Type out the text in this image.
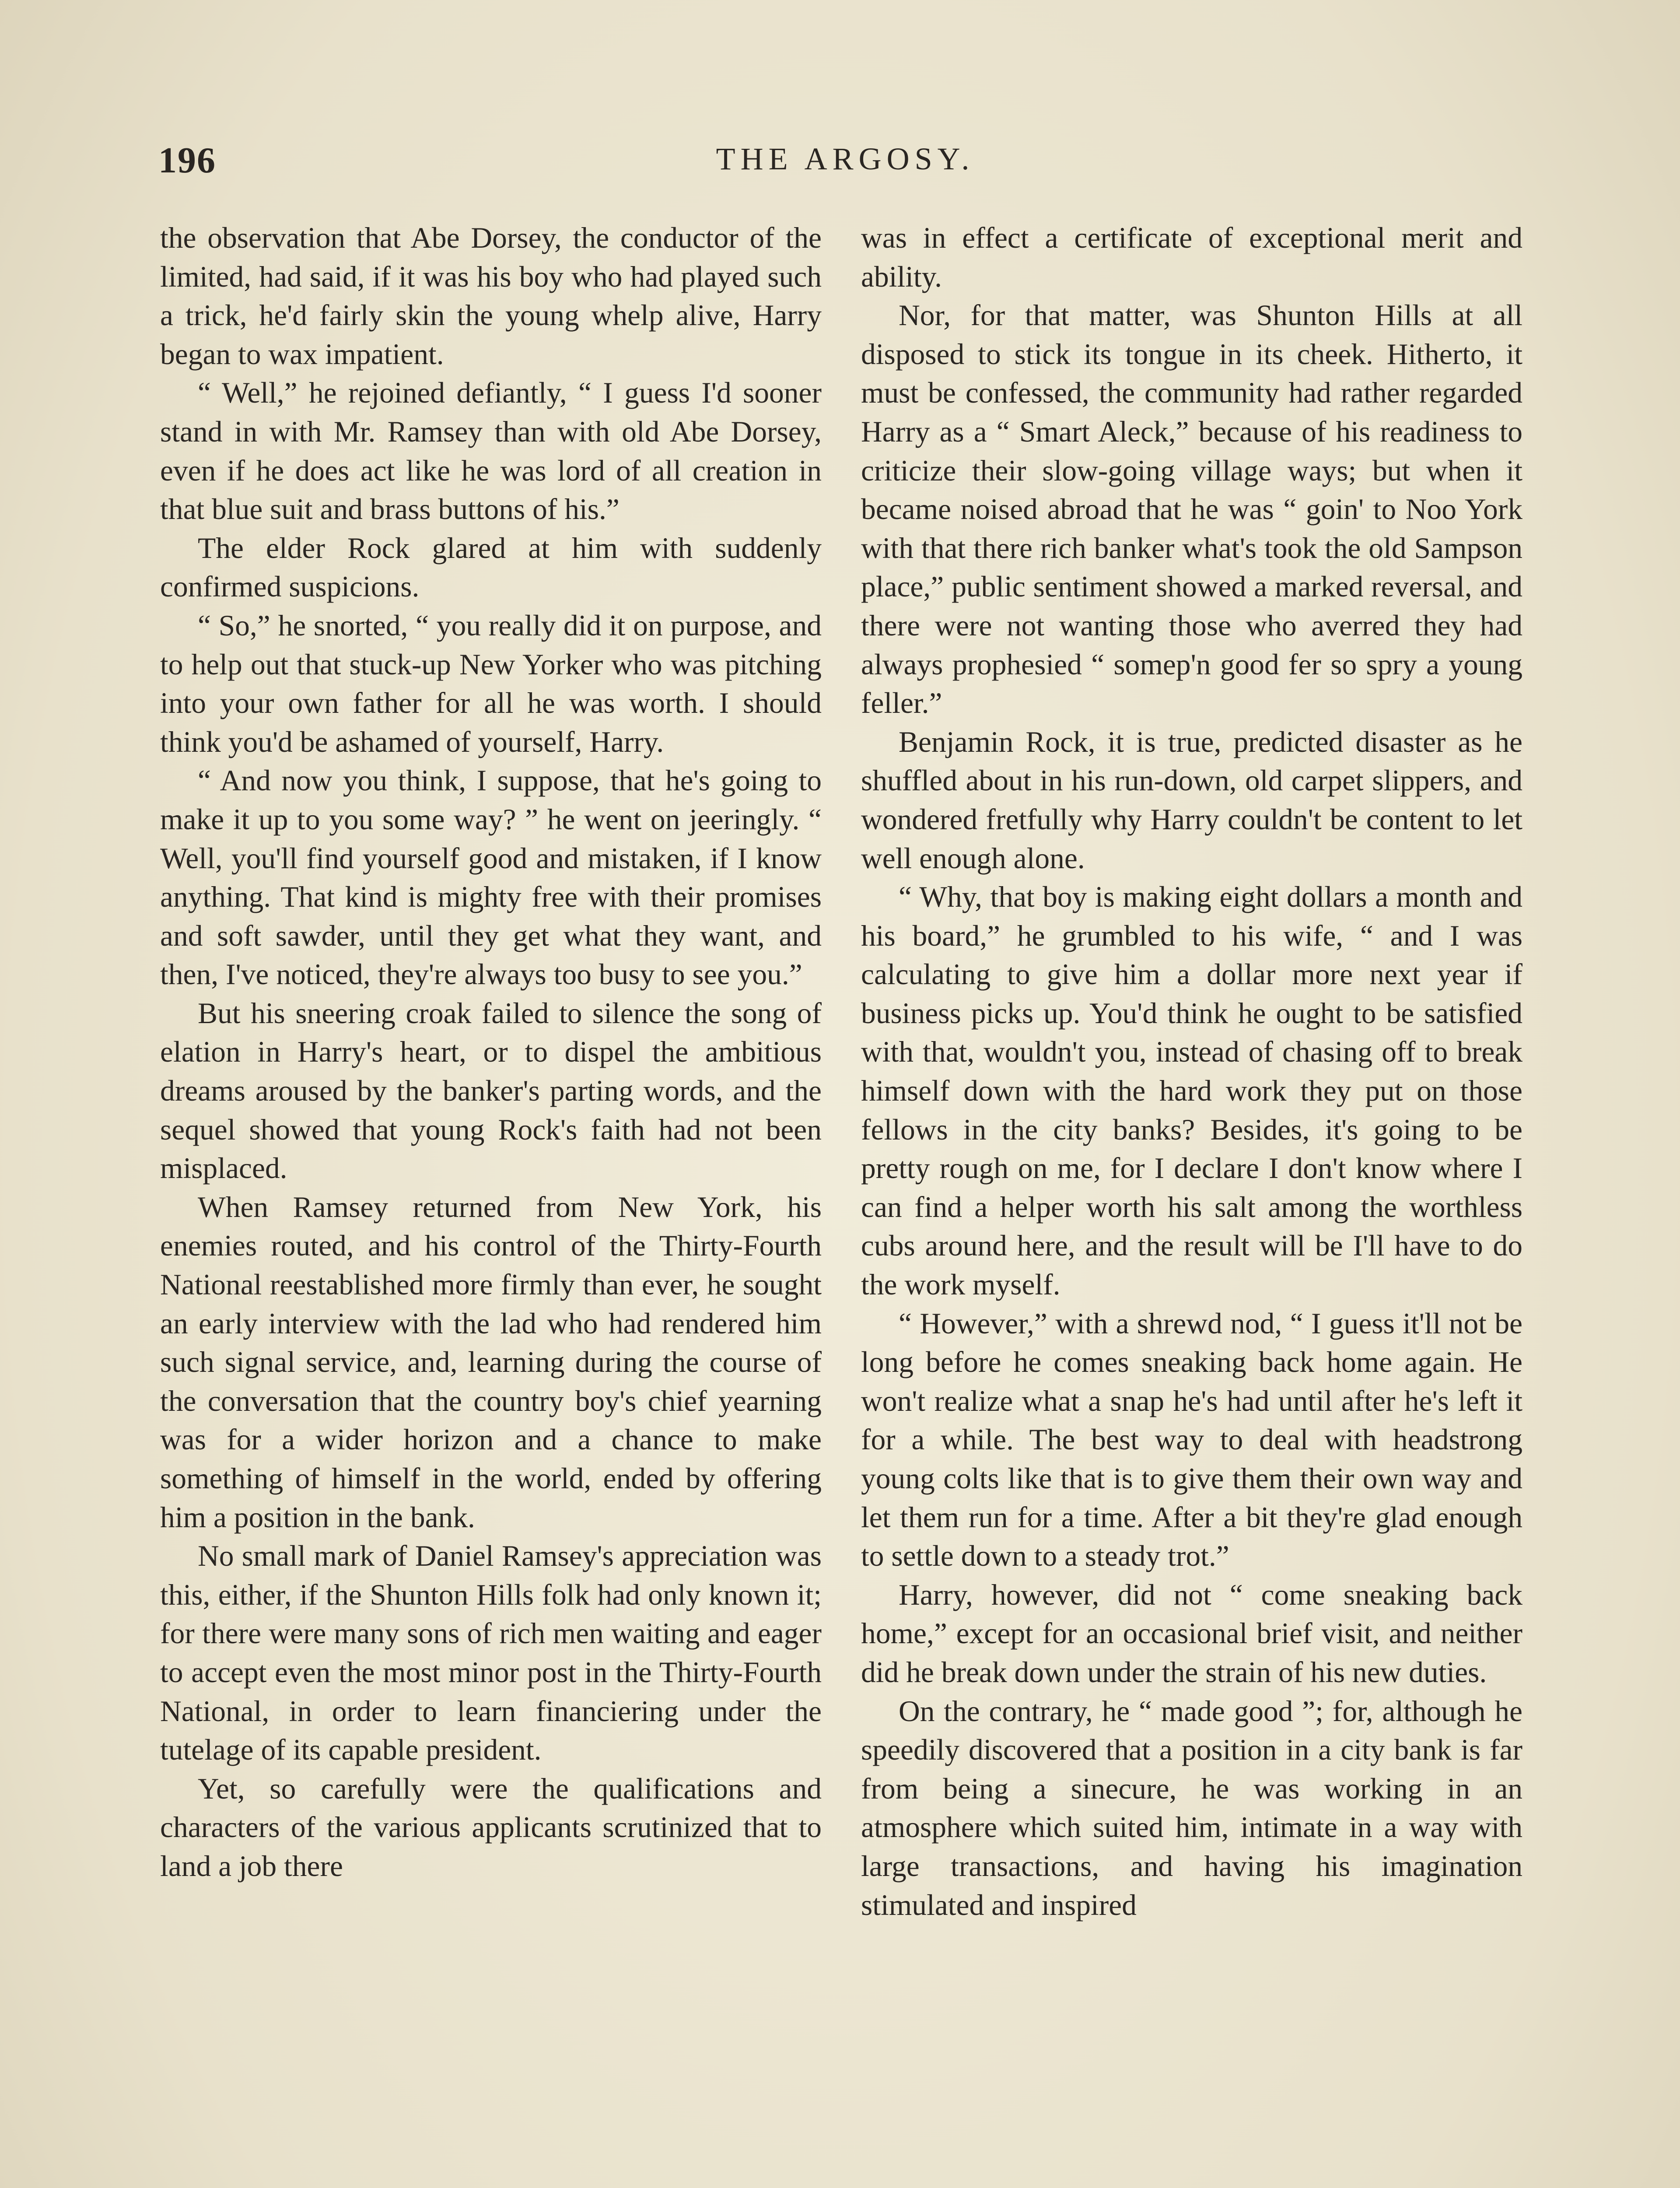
196	THE ARGOSY.

the observation that Abe Dorsey, the conductor of the limited, had said, if it was his boy who had played such a trick, he'd fairly skin the young whelp alive, Harry began to wax impatient.

“ Well,” he rejoined defiantly, “ I guess I'd sooner stand in with Mr. Ramsey than with old Abe Dorsey, even if he does act like he was lord of all creation in that blue suit and brass buttons of his.”

The elder Rock glared at him with suddenly confirmed suspicions.

“ So,” he snorted, “ you really did it on purpose, and to help out that stuck-up New Yorker who was pitching into your own father for all he was worth. I should think you'd be ashamed of yourself, Harry.

“ And now you think, I suppose, that he's going to make it up to you some way? ” he went on jeeringly. “ Well, you'll find yourself good and mistaken, if I know anything. That kind is mighty free with their promises and soft sawder, until they get what they want, and then, I've noticed, they're always too busy to see you.”

But his sneering croak failed to silence the song of elation in Harry's heart, or to dispel the ambitious dreams aroused by the banker's parting words, and the sequel showed that young Rock's faith had not been misplaced.

When Ramsey returned from New York, his enemies routed, and his control of the Thirty-Fourth National reestablished more firmly than ever, he sought an early interview with the lad who had rendered him such signal service, and, learning during the course of the conversation that the country boy's chief yearning was for a wider horizon and a chance to make something of himself in the world, ended by offering him a position in the bank.

No small mark of Daniel Ramsey's appreciation was this, either, if the Shunton Hills folk had only known it; for there were many sons of rich men waiting and eager to accept even the most minor post in the Thirty-Fourth National, in order to learn financiering under the tutelage of its capable president.

Yet, so carefully were the qualifications and characters of the various applicants scrutinized that to land a job there

was in effect a certificate of exceptional merit and ability.

Nor, for that matter, was Shunton Hills at all disposed to stick its tongue in its cheek. Hitherto, it must be confessed, the community had rather regarded Harry as a “ Smart Aleck,” because of his readiness to criticize their slow-going village ways; but when it became noised abroad that he was “ goin' to Noo York with that there rich banker what's took the old Sampson place,” public sentiment showed a marked reversal, and there were not wanting those who averred they had always prophesied “ somep'n good fer so spry a young feller.”

Benjamin Rock, it is true, predicted disaster as he shuffled about in his run-down, old carpet slippers, and wondered fretfully why Harry couldn't be content to let well enough alone.

“ Why, that boy is making eight dollars a month and his board,” he grumbled to his wife, “ and I was calculating to give him a dollar more next year if business picks up. You'd think he ought to be satisfied with that, wouldn't you, instead of chasing off to break himself down with the hard work they put on those fellows in the city banks? Besides, it's going to be pretty rough on me, for I declare I don't know where I can find a helper worth his salt among the worthless cubs around here, and the result will be I'll have to do the work myself.

“ However,” with a shrewd nod, “ I guess it'll not be long before he comes sneaking back home again. He won't realize what a snap he's had until after he's left it for a while. The best way to deal with headstrong young colts like that is to give them their own way and let them run for a time. After a bit they're glad enough to settle down to a steady trot.”

Harry, however, did not “ come sneaking back home,” except for an occasional brief visit, and neither did he break down under the strain of his new duties.

On the contrary, he “ made good ”; for, although he speedily discovered that a position in a city bank is far from being a sinecure, he was working in an atmosphere which suited him, intimate in a way with large transactions, and having his imagination stimulated and inspired
